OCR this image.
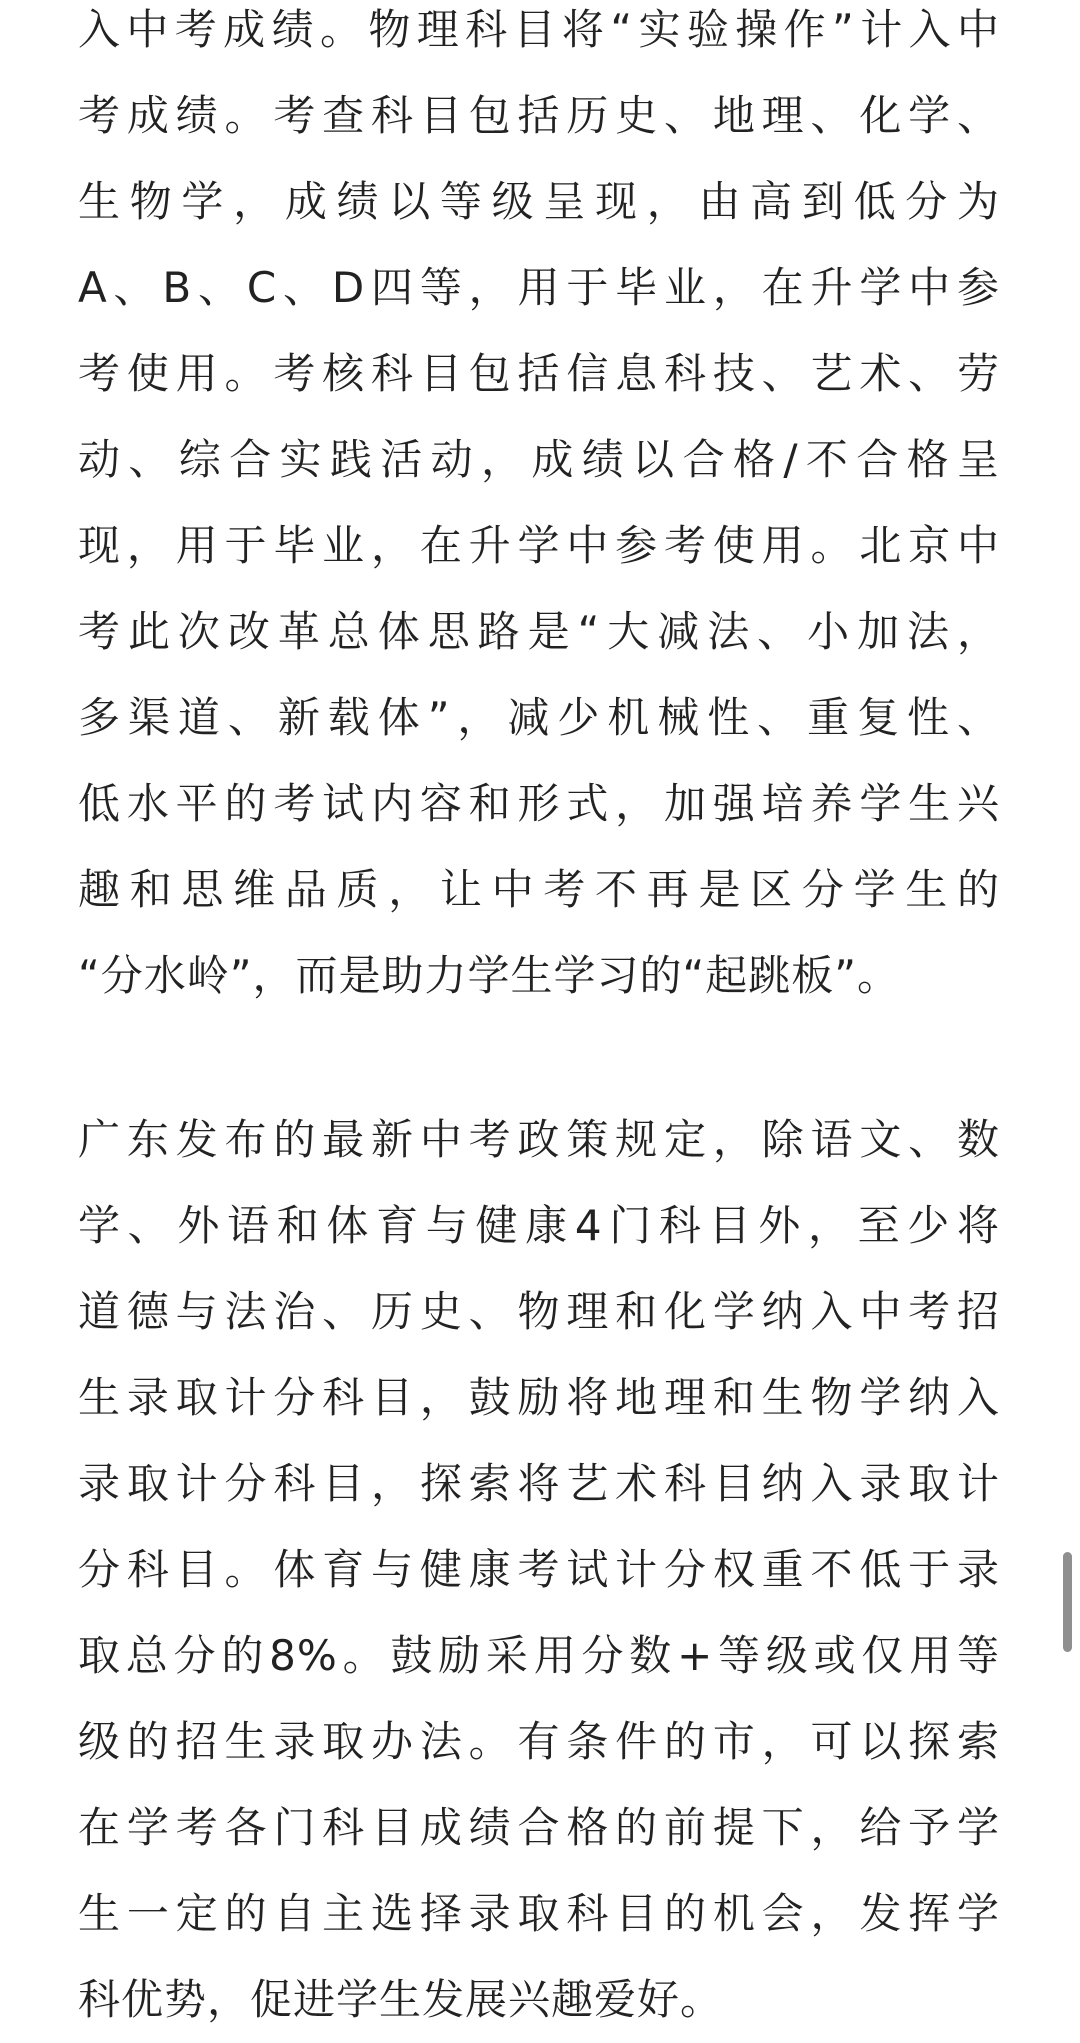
入中考成绩。物理科目将“实验操作”计入中
考成绩。考查科目包括历史、地理、化学、
生物学，成绩以等级呈现，由高到低分为
A、B、C、D四等，用于毕业，在升学中参
考使用。考核科目包括信息科技、艺术、劳
动、综合实践活动，成绩以合格/不合格呈
现，用于毕业，在升学中参考使用。北京中
考此次改革总体思路是“大减法、小加法，
多渠道、新载体”，减少机械性、重复性、
低水平的考试内容和形式，加强培养学生兴
趣和思维品质，让中考不再是区分学生的
“分水岭”，而是助力学生学习的“起跳板”。
广东发布的最新中考政策规定，除语文、数
学、外语和体育与健康4门科目外，至少将
道德与法治、历史、物理和化学纳入中考招
生录取计分科目，鼓励将地理和生物学纳入
录取计分科目，探索将艺术科目纳入录取计
分科目。体育与健康考试计分权重不低于录
取总分的8%。鼓励采用分数+等级或仅用等
级的招生录取办法。有条件的市，可以探索
在学考各门科目成绩合格的前提下，给予学
生一定的自主选择录取科目的机会，发挥学
科优势，促进学生发展兴趣爱好。
